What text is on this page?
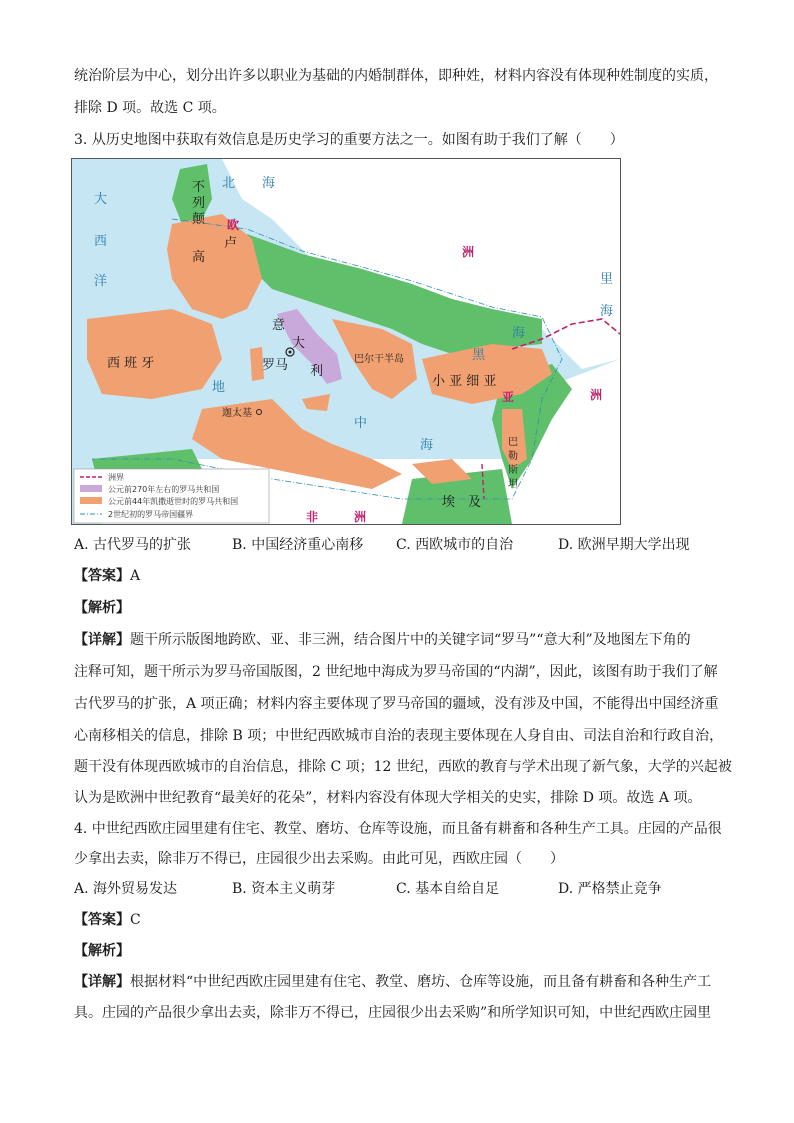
统治阶层为中心，划分出许多以职业为基础的内婚制群体，即种姓，材料内容没有体现种姓制度的实质，
排除 D 项。故选 C 项。
3. 从历史地图中获取有效信息是历史学习的重要方法之一。如图有助于我们了解（　　）
大
西
洋
北 海
黑
海
里
海
地
中
海
欧
洲
亚	洲
非　　　洲
不
列
颠
高
卢
西 班 牙
意
大
利
罗马
小 亚 细 亚
埃　及
巴尔干半岛
迦太基
巴
勒
斯
坦
洲界
公元前270年左右的罗马共和国
公元前44年凯撒逝世时的罗马共和国
2世纪初的罗马帝国疆界
A. 古代罗马的扩张	B. 中国经济重心南移 C. 西欧城市的自治	D. 欧洲早期大学出现
【答案】A
【解析】
【详解】题干所示版图地跨欧、亚、非三洲，结合图片中的关键字词“罗马”“意大利”及地图左下角的
注释可知，题干所示为罗马帝国版图，2 世纪地中海成为罗马帝国的“内湖”，因此，该图有助于我们了解
古代罗马的扩张，A 项正确；材料内容主要体现了罗马帝国的疆域，没有涉及中国，不能得出中国经济重
心南移相关的信息，排除 B 项；中世纪西欧城市自治的表现主要体现在人身自由、司法自治和行政自治，
题干没有体现西欧城市的自治信息，排除 C 项；12 世纪，西欧的教育与学术出现了新气象，大学的兴起被
认为是欧洲中世纪教育“最美好的花朵”，材料内容没有体现大学相关的史实，排除 D 项。故选 A 项。
4. 中世纪西欧庄园里建有住宅、教堂、磨坊、仓库等设施，而且备有耕畜和各种生产工具。庄园的产品很
少拿出去卖，除非万不得已，庄园很少出去采购。由此可见，西欧庄园（　　）
A. 海外贸易发达	B. 资本主义萌芽	C. 基本自给自足	D. 严格禁止竞争
【答案】C
【解析】
【详解】根据材料“中世纪西欧庄园里建有住宅、教堂、磨坊、仓库等设施，而且备有耕畜和各种生产工
具。庄园的产品很少拿出去卖，除非万不得已，庄园很少出去采购”和所学知识可知，中世纪西欧庄园里
